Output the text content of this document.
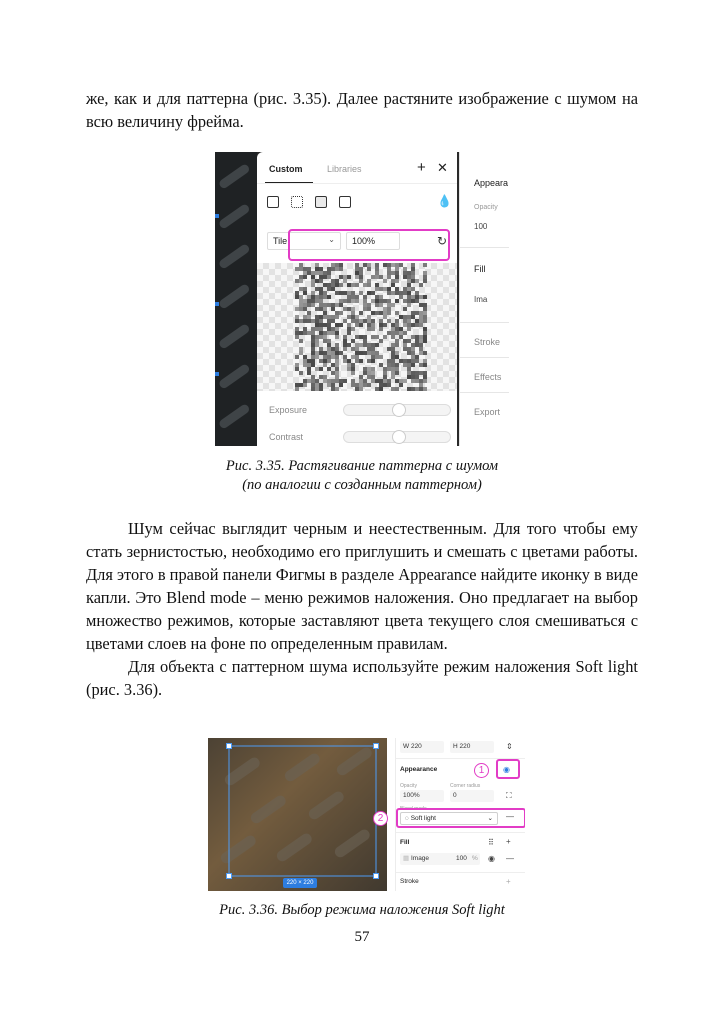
же, как и для паттерна (рис. 3.35). Далее растяните изображение с шумом на всю величину фрейма.

Custom	Libraries	+ ✕
💧
Tile	⌄ 100%	↻
Exposure
Contrast
Appeara
Opacity
100
Fill
Ima
Stroke
Effects
Export
Рис. 3.35. Растягивание паттерна с шумом
(по аналогии с созданным паттерном)

Шум сейчас выглядит черным и неестественным. Для того чтобы ему стать зернистостью, необходимо его приглушить и смешать с цветами работы. Для этого в правой панели Фигмы в разделе Appearance найдите иконку в виде капли. Это Blend mode – меню режимов наложения. Оно предлагает на выбор множество режимов, которые заставляют цвета текущего слоя смешиваться с цветами слоев на фоне по определенным правилам.

Для объекта с паттерном шума используйте режим наложения Soft light (рис. 3.36).

220 × 220
W 220	H 220	⇕
Appearance	◉
Opacity	Corner radius
100%	0	⛶
Blend mode
◌ Soft light	⌄ —
Fill	⠿ +
▦ Image	100 % ◉ —
Stroke	+
1
2
Рис. 3.36. Выбор режима наложения Soft light
57
